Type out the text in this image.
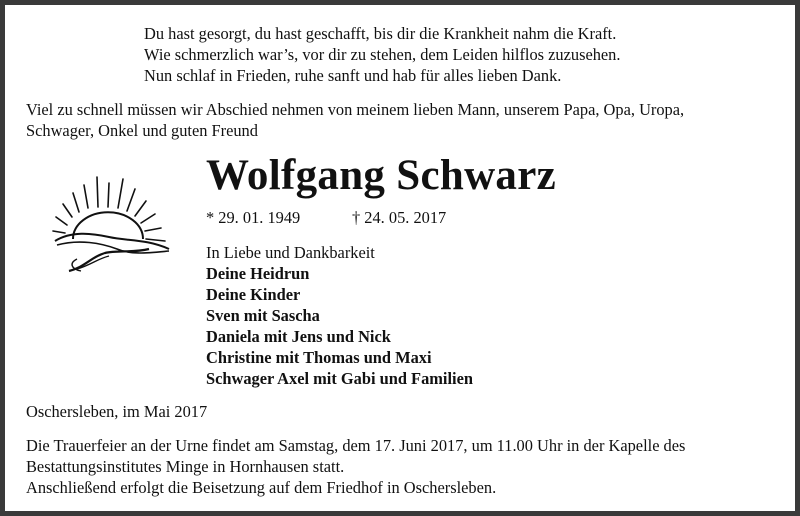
Du hast gesorgt, du hast geschafft, bis dir die Krankheit nahm die Kraft.
Wie schmerzlich war’s, vor dir zu stehen, dem Leiden hilflos zuzusehen.
Nun schlaf in Frieden, ruhe sanft und hab für alles lieben Dank.
Viel zu schnell müssen wir Abschied nehmen von meinem lieben Mann, unserem Papa, Opa, Uropa,
Schwager, Onkel und guten Freund
Wolfgang Schwarz
* 29. 01. 1949	† 24. 05. 2017
In Liebe und Dankbarkeit
Deine Heidrun
Deine Kinder
Sven mit Sascha
Daniela mit Jens und Nick
Christine mit Thomas und Maxi
Schwager Axel mit Gabi und Familien
Oschersleben, im Mai 2017
Die Trauerfeier an der Urne findet am Samstag, dem 17. Juni 2017, um 11.00 Uhr in der Kapelle des
Bestattungsinstitutes Minge in Hornhausen statt.
Anschließend erfolgt die Beisetzung auf dem Friedhof in Oschersleben.
